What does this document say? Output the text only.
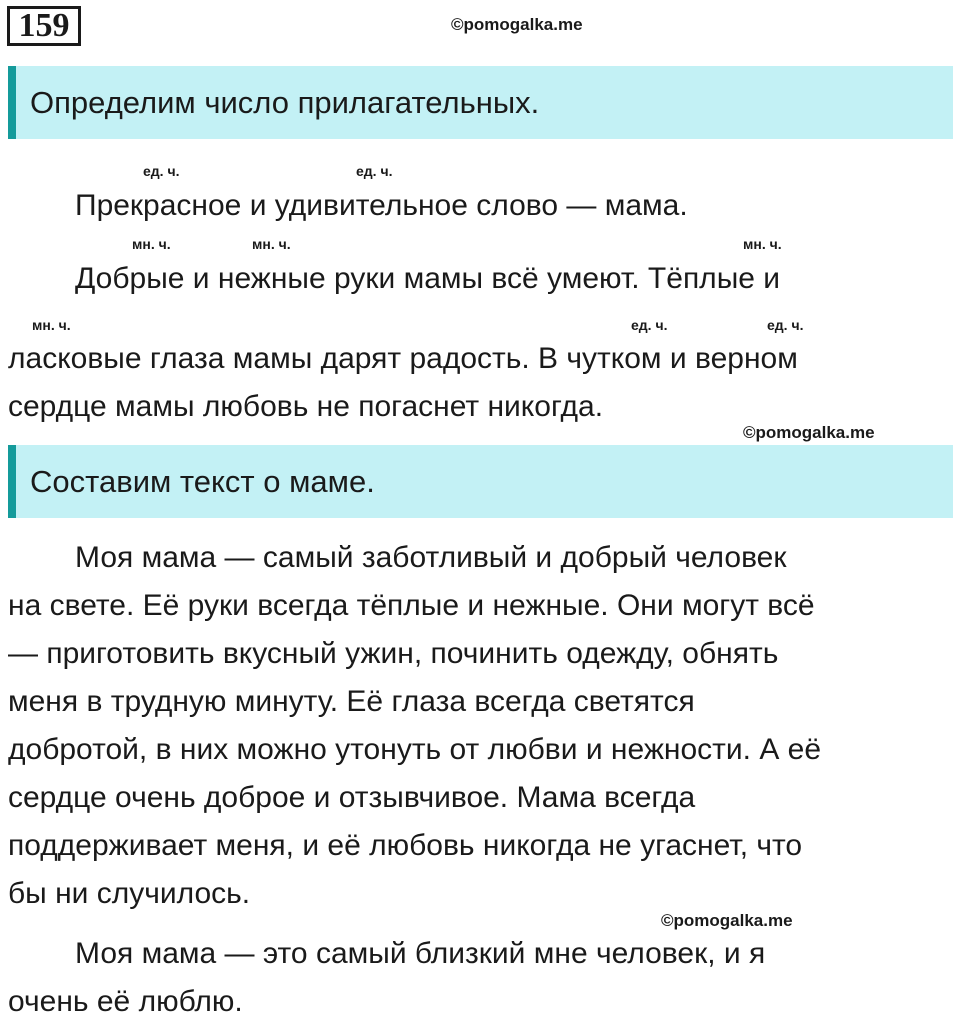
159	©pomogalka.me
Определим число прилагательных.
ед. ч.	ед. ч.
Прекрасное и удивительное слово — мама.
мн. ч.	мн. ч.	мн. ч.
Добрые и нежные руки мамы всё умеют. Тёплые и
мн. ч.	ед. ч.	ед. ч.
ласковые глаза мамы дарят радость. В чутком и верном
сердце мамы любовь не погаснет никогда.
©pomogalka.me
Составим текст о маме.
Моя мама — самый заботливый и добрый человек
на свете. Её руки всегда тёплые и нежные. Они могут всё
— приготовить вкусный ужин, починить одежду, обнять
меня в трудную минуту. Её глаза всегда светятся
добротой, в них можно утонуть от любви и нежности. А её
сердце очень доброе и отзывчивое. Мама всегда
поддерживает меня, и её любовь никогда не угаснет, что
бы ни случилось.
©pomogalka.me
Моя мама — это самый близкий мне человек, и я
очень её люблю.
